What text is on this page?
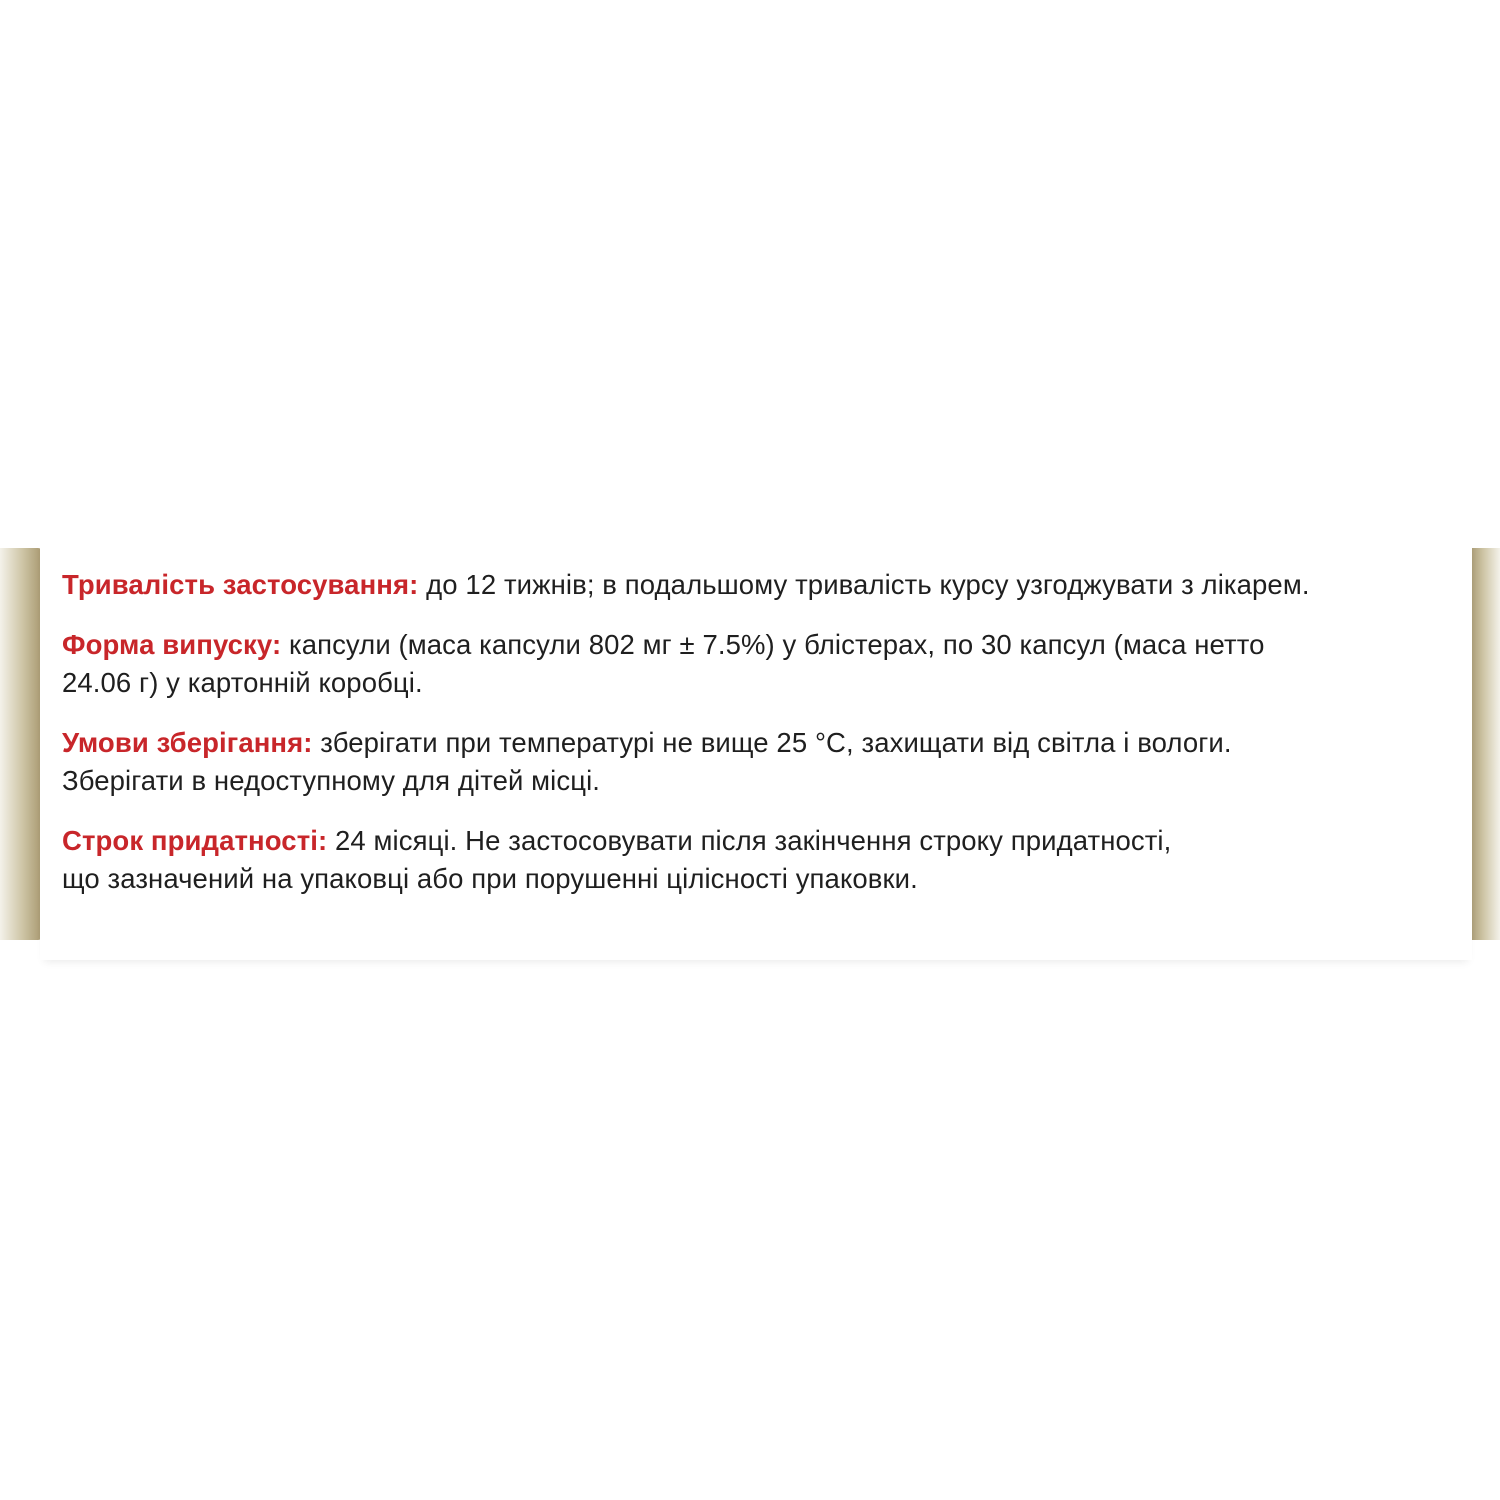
Тривалість застосування: до 12 тижнів; в подальшому тривалість курсу узгоджувати з лікарем.

Форма випуску: капсули (маса капсули 802 мг ± 7.5%) у блістерах, по 30 капсул (маса нетто
24.06 г) у картонній коробці.

Умови зберігання: зберігати при температурі не вище 25 °С, захищати від світла і вологи.
Зберігати в недоступному для дітей місці.

Строк придатності: 24 місяці. Не застосовувати після закінчення строку придатності,
що зазначений на упаковці або при порушенні цілісності упаковки.
